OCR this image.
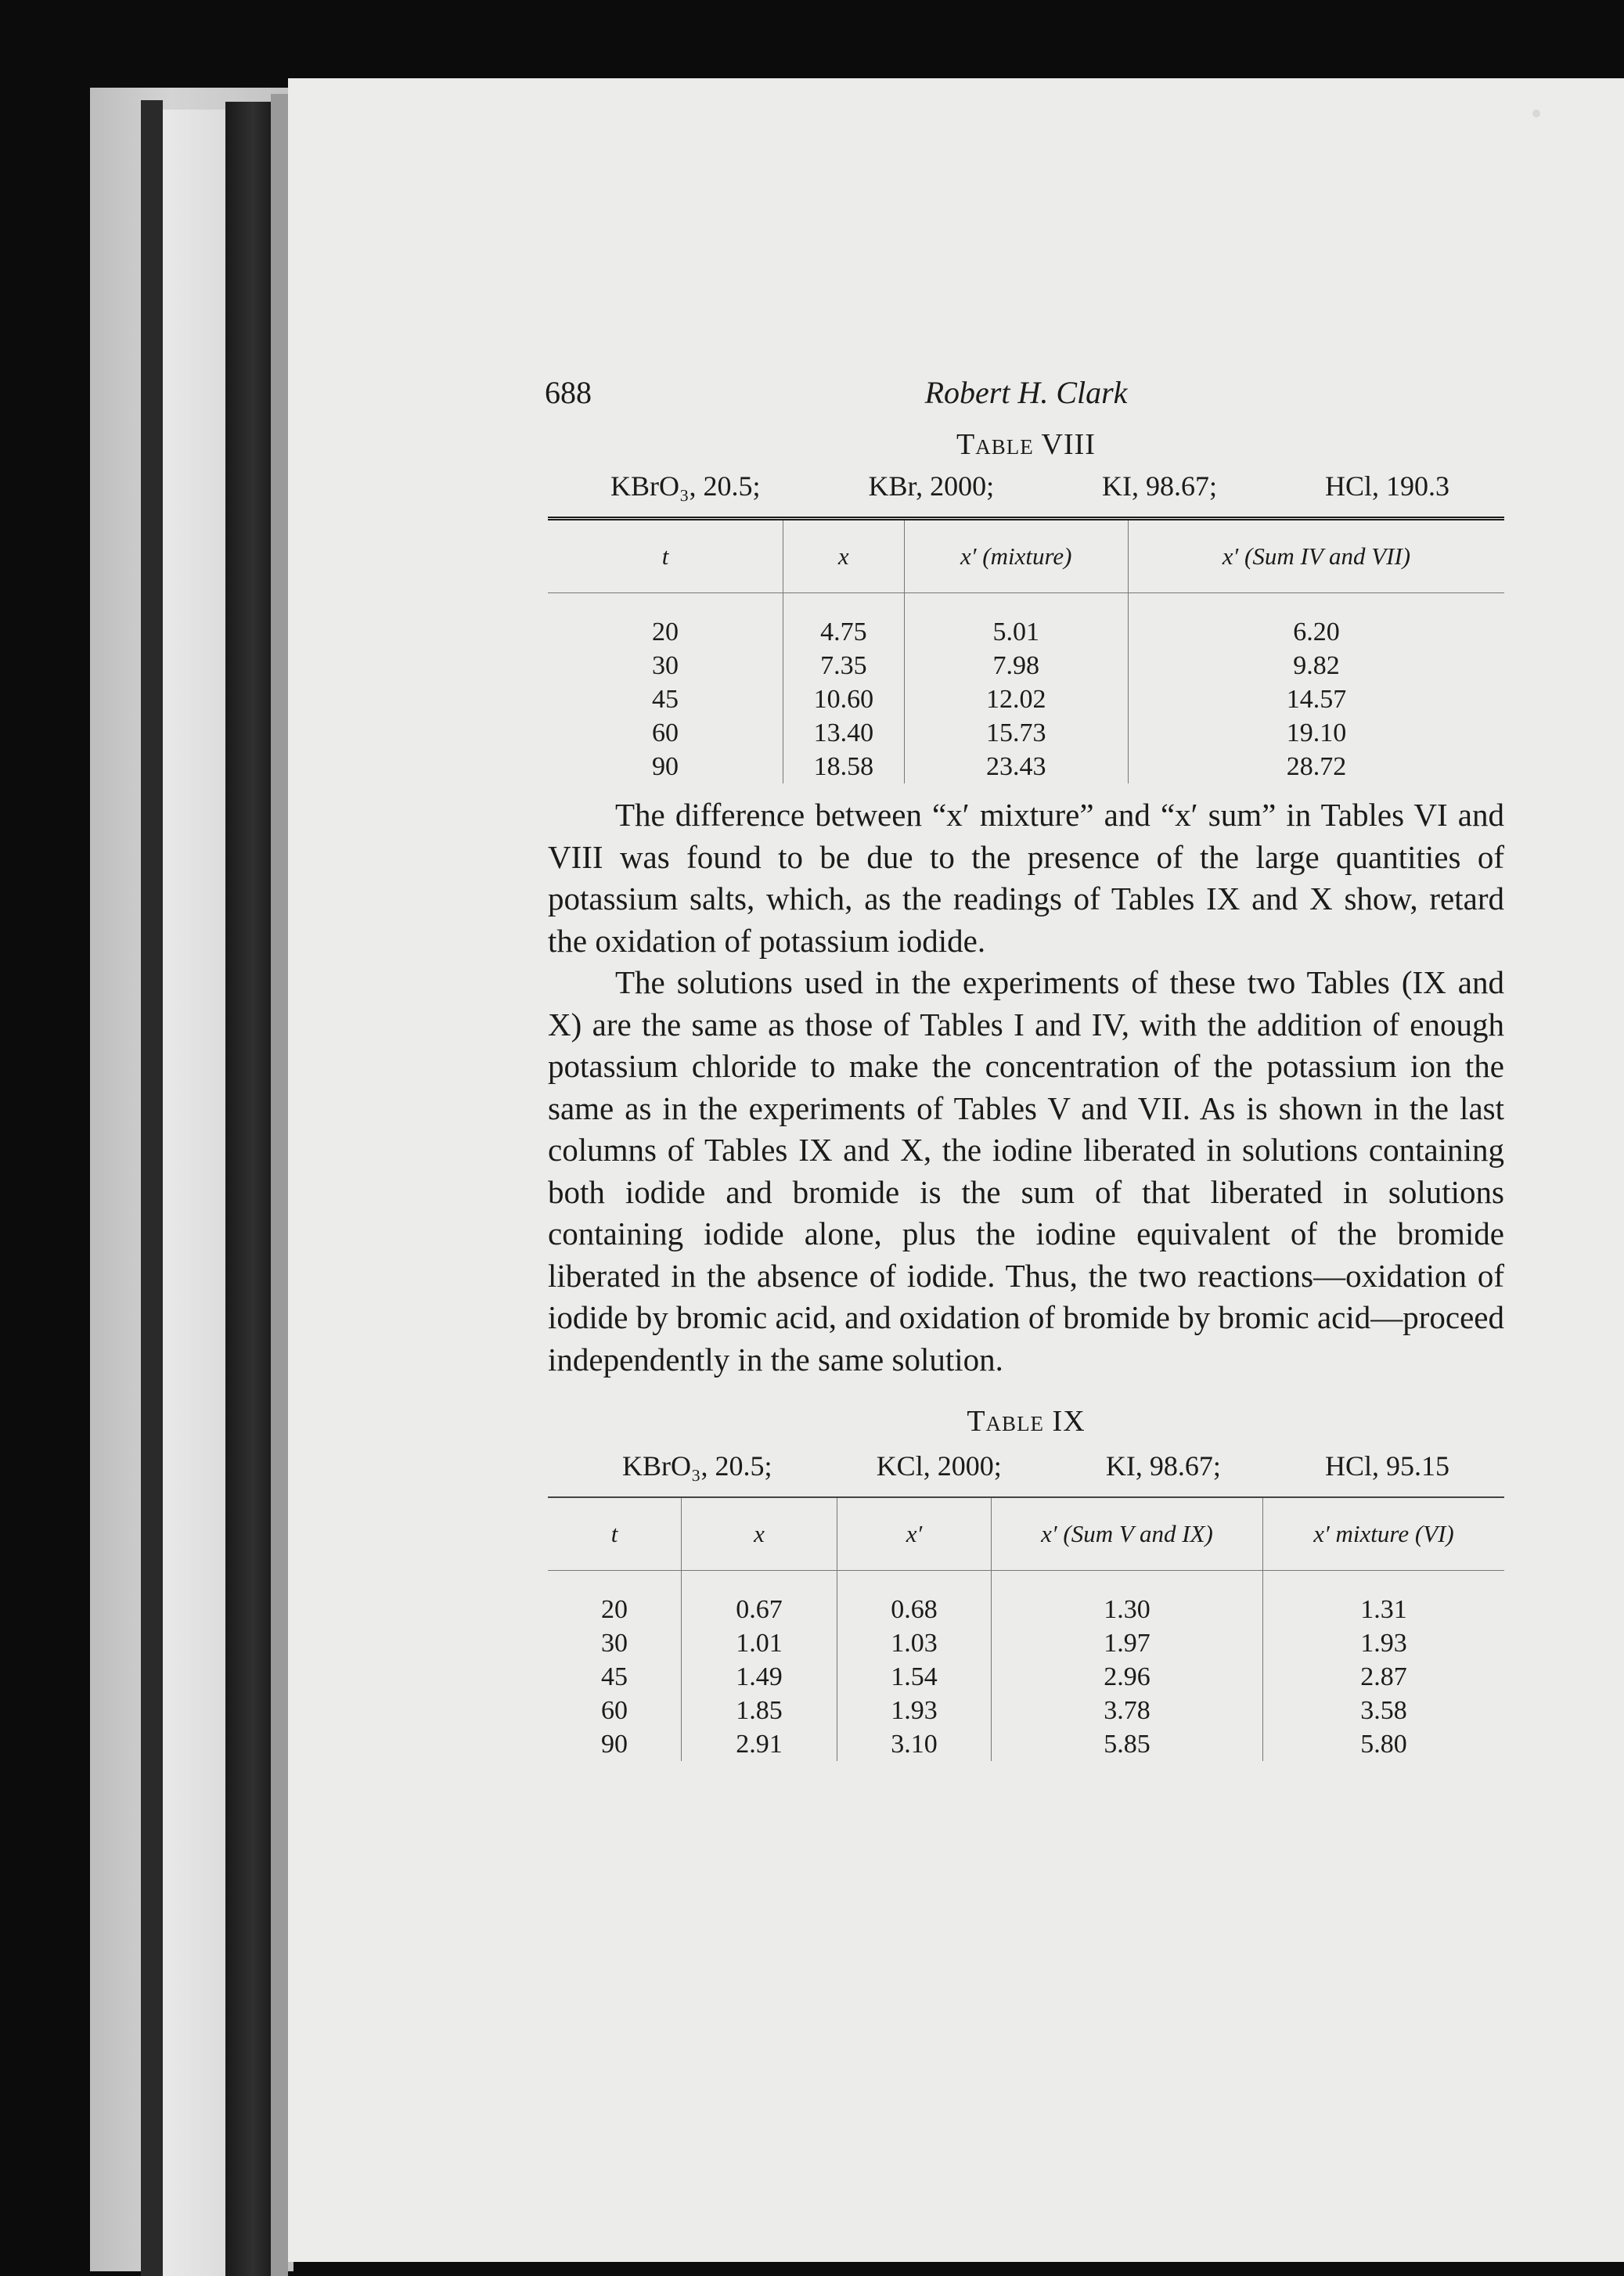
688	Robert H. Clark
Table VIII
KBrO₃, 20.5;	KBr, 2000;	KI, 98.67;	HCl, 190.3
t	x	x′ (mixture)	x′ (Sum IV and VII)
20	4.75	5.01	6.20
30	7.35	7.98	9.82
45	10.60	12.02	14.57
60	13.40	15.73	19.10
90	18.58	23.43	28.72

The difference between “x′ mixture” and “x′ sum” in Tables VI and VIII was found to be due to the presence of the large quantities of potassium salts, which, as the readings of Tables IX and X show, retard the oxidation of potassium iodide.

The solutions used in the experiments of these two Tables (IX and X) are the same as those of Tables I and IV, with the addition of enough potassium chloride to make the concentration of the potassium ion the same as in the experiments of Tables V and VII. As is shown in the last columns of Tables IX and X, the iodine liberated in solutions containing both iodide and bromide is the sum of that liberated in solutions containing iodide alone, plus the iodine equivalent of the bromide liberated in the absence of iodide. Thus, the two reactions—oxidation of iodide by bromic acid, and oxidation of bromide by bromic acid—proceed independently in the same solution.

Table IX
KBrO₃, 20.5;	KCl, 2000;	KI, 98.67;	HCl, 95.15
t	x	x′	x′ (Sum V and IX)	x′ mixture (VI)
20	0.67	0.68	1.30	1.31
30	1.01	1.03	1.97	1.93
45	1.49	1.54	2.96	2.87
60	1.85	1.93	3.78	3.58
90	2.91	3.10	5.85	5.80
